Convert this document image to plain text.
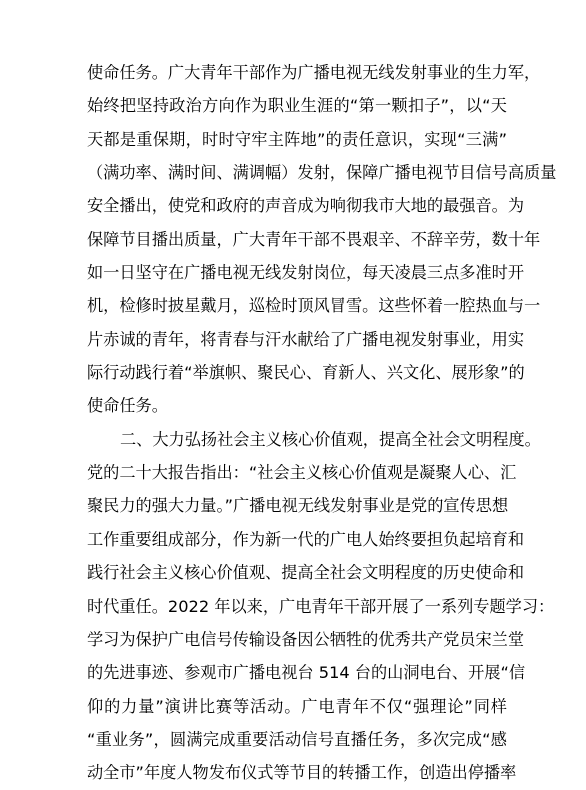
使命任务。广大青年干部作为广播电视无线发射事业的生力军，
始终把坚持政治方向作为职业生涯的“第一颗扣子”，以“天
天都是重保期，时时守牢主阵地”的责任意识，实现“三满”
（满功率、满时间、满调幅）发射，保障广播电视节目信号高质量
安全播出，使党和政府的声音成为响彻我市大地的最强音。为
保障节目播出质量，广大青年干部不畏艰辛、不辞辛劳，数十年
如一日坚守在广播电视无线发射岗位，每天凌晨三点多准时开
机，检修时披星戴月，巡检时顶风冒雪。这些怀着一腔热血与一
片赤诚的青年，将青春与汗水献给了广播电视发射事业，用实
际行动践行着“举旗帜、聚民心、育新人、兴文化、展形象”的
使命任务。
二、大力弘扬社会主义核心价值观，提高全社会文明程度。
党的二十大报告指出：“社会主义核心价值观是凝聚人心、汇
聚民力的强大力量。”广播电视无线发射事业是党的宣传思想
工作重要组成部分，作为新一代的广电人始终要担负起培育和
践行社会主义核心价值观、提高全社会文明程度的历史使命和
时代重任。2022 年以来，广电青年干部开展了一系列专题学习：
学习为保护广电信号传输设备因公牺牲的优秀共产党员宋兰堂
的先进事迹、参观市广播电视台 514 台的山洞电台、开展“信
仰的力量”演讲比赛等活动。广电青年不仅“强理论”同样
“重业务”，圆满完成重要活动信号直播任务，多次完成“感
动全市”年度人物发布仪式等节目的转播工作，创造出停播率
